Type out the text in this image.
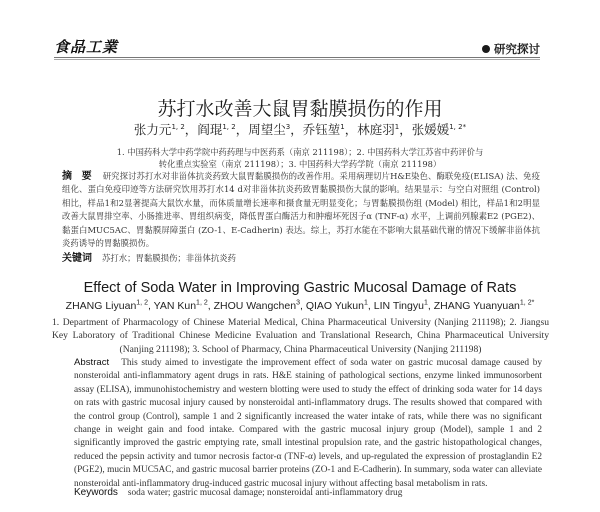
食品工業	研究探讨
苏打水改善大鼠胃黏膜损伤的作用
张力元$^{1, 2}$，阎琨$^{1, 2}$，周望尘$^3$，乔钰堃$^1$，林庭羽$^1$，张媛媛$^{1, 2*}$
1. 中国药科大学中药学院中药药理与中医药系（南京 211198）；2. 中国药科大学江苏省中药评价与
转化重点实验室（南京 211198）；3. 中国药科大学药学院（南京 211198）
摘 要 研究探讨苏打水对非甾体抗炎药致大鼠胃黏膜损伤的改善作用。采用病理切片H&E染色、酶联免疫(ELISA) 法、免疫组化、蛋白免疫印迹等方法研究饮用苏打水14 d对非甾体抗炎药致胃黏膜损伤大鼠的影响。结果显示：与空白对照组 (Control) 相比，样品1和2显著提高大鼠饮水量，而体质量增长速率和摄食量无明显变化；与胃黏膜损伤组 (Model) 相比，样品1和2明显改善大鼠胃排空率、小肠推进率、胃组织病变，降低胃蛋白酶活力和肿瘤坏死因子α (TNF-α) 水平，上调前列腺素E2 (PGE2)、黏蛋白MUC5AC、胃黏膜屏障蛋白 (ZO-1、E-Cadherin) 表达。综上，苏打水能在不影响大鼠基础代谢的情况下缓解非甾体抗炎药诱导的胃黏膜损伤。
关键词 苏打水；胃黏膜损伤；非甾体抗炎药
Effect of Soda Water in Improving Gastric Mucosal Damage of Rats
ZHANG Liyuan$^{1, 2}$, YAN Kun$^{1, 2}$, ZHOU Wangchen$^3$, QIAO Yukun$^1$, LIN Tingyu$^1$, ZHANG Yuanyuan$^{1, 2*}$
1. Department of Pharmacology of Chinese Material Medical, China Pharmaceutical University (Nanjing 211198); 2. Jiangsu Key Laboratory of Traditional Chinese Medicine Evaluation and Translational Research, China Pharmaceutical University (Nanjing 211198); 3. School of Pharmacy, China Pharmaceutical University (Nanjing 211198)
Abstract This study aimed to investigate the improvement effect of soda water on gastric mucosal damage caused by nonsteroidal anti-inflammatory agent drugs in rats. H&E staining of pathological sections, enzyme linked immunosorbent assay (ELISA), immunohistochemistry and western blotting were used to study the effect of drinking soda water for 14 days on rats with gastric mucosal injury caused by nonsteroidal anti-inflammatory drugs. The results showed that compared with the control group (Control), sample 1 and 2 significantly increased the water intake of rats, while there was no significant change in weight gain and food intake. Compared with the gastric mucosal injury group (Model), sample 1 and 2 significantly improved the gastric emptying rate, small intestinal propulsion rate, and the gastric histopathological changes, reduced the pepsin activity and tumor necrosis factor-α (TNF-α) levels, and up-regulated the expression of prostaglandin E2 (PGE2), mucin MUC5AC, and gastric mucosal barrier proteins (ZO-1 and E-Cadherin). In summary, soda water can alleviate nonsteroidal anti-inflammatory drug-induced gastric mucosal injury without affecting basal metabolism in rats.
Keywords soda water; gastric mucosal damage; nonsteroidal anti-inflammatory drug
